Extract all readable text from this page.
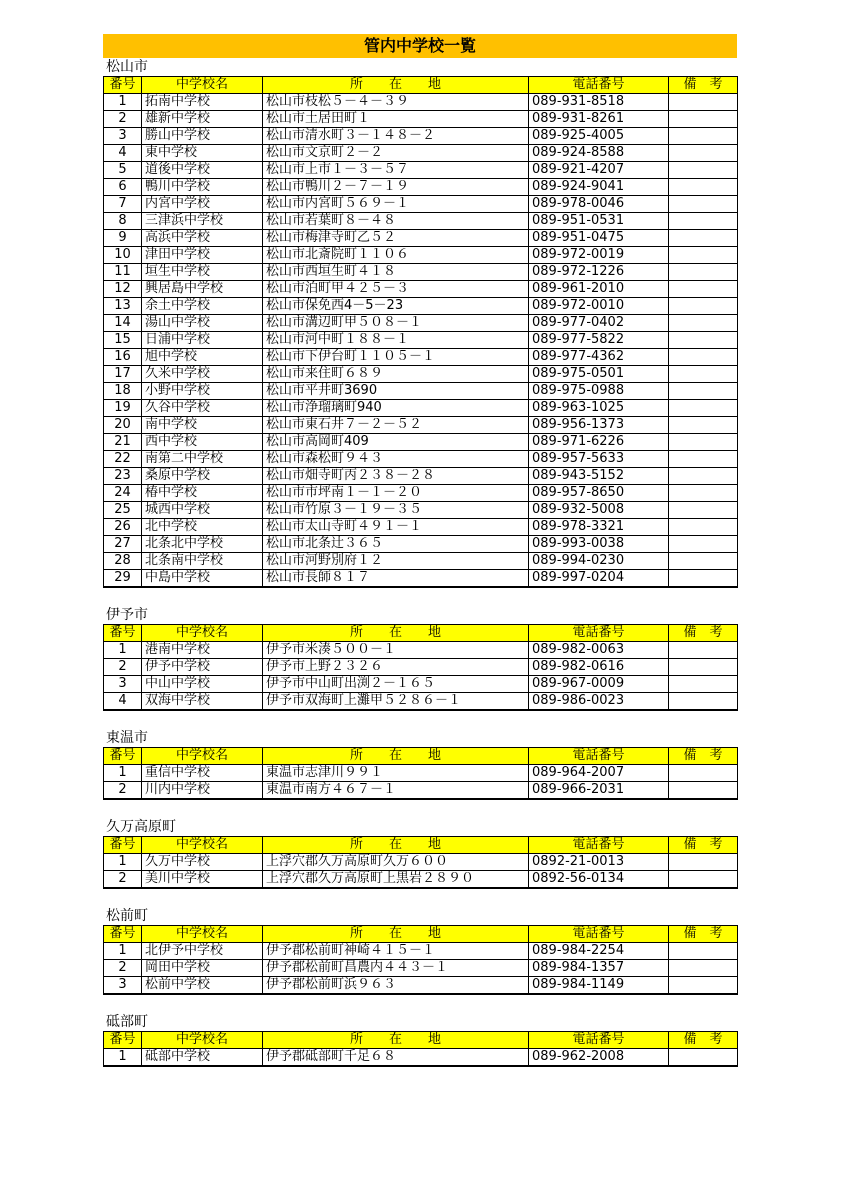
管内中学校一覧
松山市
番号	中学校名	所　　在　　地	電話番号	備　考
1	拓南中学校	松山市枝松５－４－３９	089-931-8518	
2	雄新中学校	松山市土居田町１	089-931-8261	
3	勝山中学校	松山市清水町３－１４８－２	089-925-4005	
4	東中学校	松山市文京町２－２	089-924-8588	
5	道後中学校	松山市上市１－３－５７	089-921-4207	
6	鴨川中学校	松山市鴨川２－７－１９	089-924-9041	
7	内宮中学校	松山市内宮町５６９－１	089-978-0046	
8	三津浜中学校	松山市若葉町８－４８	089-951-0531	
9	高浜中学校	松山市梅津寺町乙５２	089-951-0475	
10	津田中学校	松山市北斎院町１１０６	089-972-0019	
11	垣生中学校	松山市西垣生町４１８	089-972-1226	
12	興居島中学校	松山市泊町甲４２５－３	089-961-2010	
13	余土中学校	松山市保免西4－5－23	089-972-0010	
14	湯山中学校	松山市溝辺町甲５０８－１	089-977-0402	
15	日浦中学校	松山市河中町１８８－１	089-977-5822	
16	旭中学校	松山市下伊台町１１０５－１	089-977-4362	
17	久米中学校	松山市来住町６８９	089-975-0501	
18	小野中学校	松山市平井町3690	089-975-0988	
19	久谷中学校	松山市浄瑠璃町940	089-963-1025	
20	南中学校	松山市東石井７－２－５２	089-956-1373	
21	西中学校	松山市高岡町409	089-971-6226	
22	南第二中学校	松山市森松町９４３	089-957-5633	
23	桑原中学校	松山市畑寺町丙２３８－２８	089-943-5152	
24	椿中学校	松山市市坪南１－１－２０	089-957-8650	
25	城西中学校	松山市竹原３－１９－３５	089-932-5008	
26	北中学校	松山市太山寺町４９１－１	089-978-3321	
27	北条北中学校	松山市北条辻３６５	089-993-0038	
28	北条南中学校	松山市河野別府１２	089-994-0230	
29	中島中学校	松山市長師８１７	089-997-0204	
伊予市
番号	中学校名	所　　在　　地	電話番号	備　考
1	港南中学校	伊予市米湊５００－１	089-982-0063	
2	伊予中学校	伊予市上野２３２６	089-982-0616	
3	中山中学校	伊予市中山町出渕２－１６５	089-967-0009	
4	双海中学校	伊予市双海町上灘甲５２８６－１	089-986-0023	
東温市
番号	中学校名	所　　在　　地	電話番号	備　考
1	重信中学校	東温市志津川９９１	089-964-2007	
2	川内中学校	東温市南方４６７－１	089-966-2031	
久万高原町
番号	中学校名	所　　在　　地	電話番号	備　考
1	久万中学校	上浮穴郡久万高原町久万６００	0892-21-0013	
2	美川中学校	上浮穴郡久万高原町上黒岩２８９０	0892-56-0134	
松前町
番号	中学校名	所　　在　　地	電話番号	備　考
1	北伊予中学校	伊予郡松前町神崎４１５－１	089-984-2254	
2	岡田中学校	伊予郡松前町昌農内４４３－１	089-984-1357	
3	松前中学校	伊予郡松前町浜９６３	089-984-1149	
砥部町
番号	中学校名	所　　在　　地	電話番号	備　考
1	砥部中学校	伊予郡砥部町千足６８	089-962-2008	
